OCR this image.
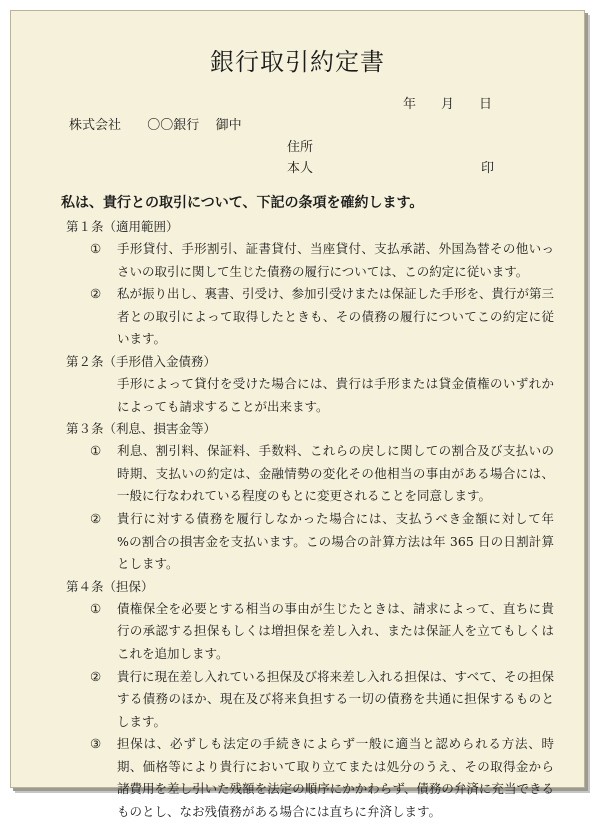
銀行取引約定書
年 月 日
株式会社 〇〇銀行 御中
住所
本人	印
私は、貴行との取引について、下記の条項を確約します。
第１条（適用範囲）
① 手形貸付、手形割引、証書貸付、当座貸付、支払承諾、外国為替その他いっさいの取引に関して生じた債務の履行については、この約定に従います。
② 私が振り出し、裏書、引受け、参加引受けまたは保証した手形を、貴行が第三者との取引によって取得したときも、その債務の履行についてこの約定に従います。
第２条（手形借入金債務）
手形によって貸付を受けた場合には、貴行は手形または貸金債権のいずれかによっても請求することが出来ます。
第３条（利息、損害金等）
① 利息、割引料、保証料、手数料、これらの戻しに関しての割合及び支払いの時期、支払いの約定は、金融情勢の変化その他相当の事由がある場合には、一般に行なわれている程度のもとに変更されることを同意します。
② 貴行に対する債務を履行しなかった場合には、支払うべき金額に対して年　　%の割合の損害金を支払います。この場合の計算方法は年 365 日の日割計算とします。
第４条（担保）
① 債権保全を必要とする相当の事由が生じたときは、請求によって、直ちに貴行の承認する担保もしくは増担保を差し入れ、または保証人を立てもしくはこれを追加します。
② 貴行に現在差し入れている担保及び将来差し入れる担保は、すべて、その担保する債務のほか、現在及び将来負担する一切の債務を共通に担保するものとします。
③ 担保は、必ずしも法定の手続きによらず一般に適当と認められる方法、時期、価格等により貴行において取り立てまたは処分のうえ、その取得金から諸費用を差し引いた残額を法定の順序にかかわらず、債務の弁済に充当できるものとし、なお残債務がある場合には直ちに弁済します。
